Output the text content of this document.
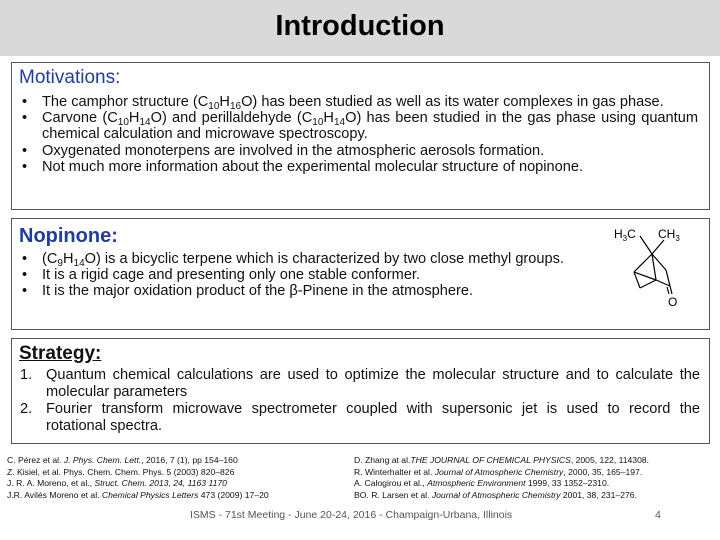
Introduction
Motivations:
• The camphor structure $(C_{10}H_{16}O)$ has been studied as well as its water complexes in gas phase.
• Carvone $(C_{10}H_{14}O)$ and perillaldehyde $(C_{10}H_{14}O)$ has been studied in the gas phase using quantum chemical calculation and microwave spectroscopy.
• Oxygenated monoterpens are involved in the atmospheric aerosols formation.
• Not much more information about the experimental molecular structure of nopinone.
Nopinone:
• $(C_9H_{14}O)$ is a bicyclic terpene which is characterized by two close methyl groups.
• It is a rigid cage and presenting only one stable conformer.
• It is the major oxidation product of the β-Pinene in the atmosphere.
$H_3C$ $CH_3$
O
Strategy:
1. Quantum chemical calculations are used to optimize the molecular structure and to calculate the molecular parameters
2. Fourier transform microwave spectrometer coupled with supersonic jet is used to record the rotational spectra.
C. Pérez et al. J. Phys. Chem. Lett., 2016, 7 (1), pp 154–160
Z. Kisiel, et al. Phys. Chem. Chem. Phys. 5 (2003) 820–826
J. R. A. Moreno, et al., Struct. Chem. 2013, 24, 1163 1170
J.R. Avilés Moreno et al. Chemical Physics Letters 473 (2009) 17–20
D. Zhang at al.THE JOURNAL OF CHEMICAL PHYSICS, 2005, 122, 114308.
R. Winterhalter et al. Journal of Atmospheric Chemistry, 2000, 35, 165–197.
A. Calogirou et al., Atmospheric Environment 1999, 33 1352–2310.
BO. R. Larsen et al. Journal of Atmospheric Chemistry 2001, 38, 231–276.
ISMS - 71st Meeting - June 20-24, 2016 - Champaign-Urbana, Illinois	4
